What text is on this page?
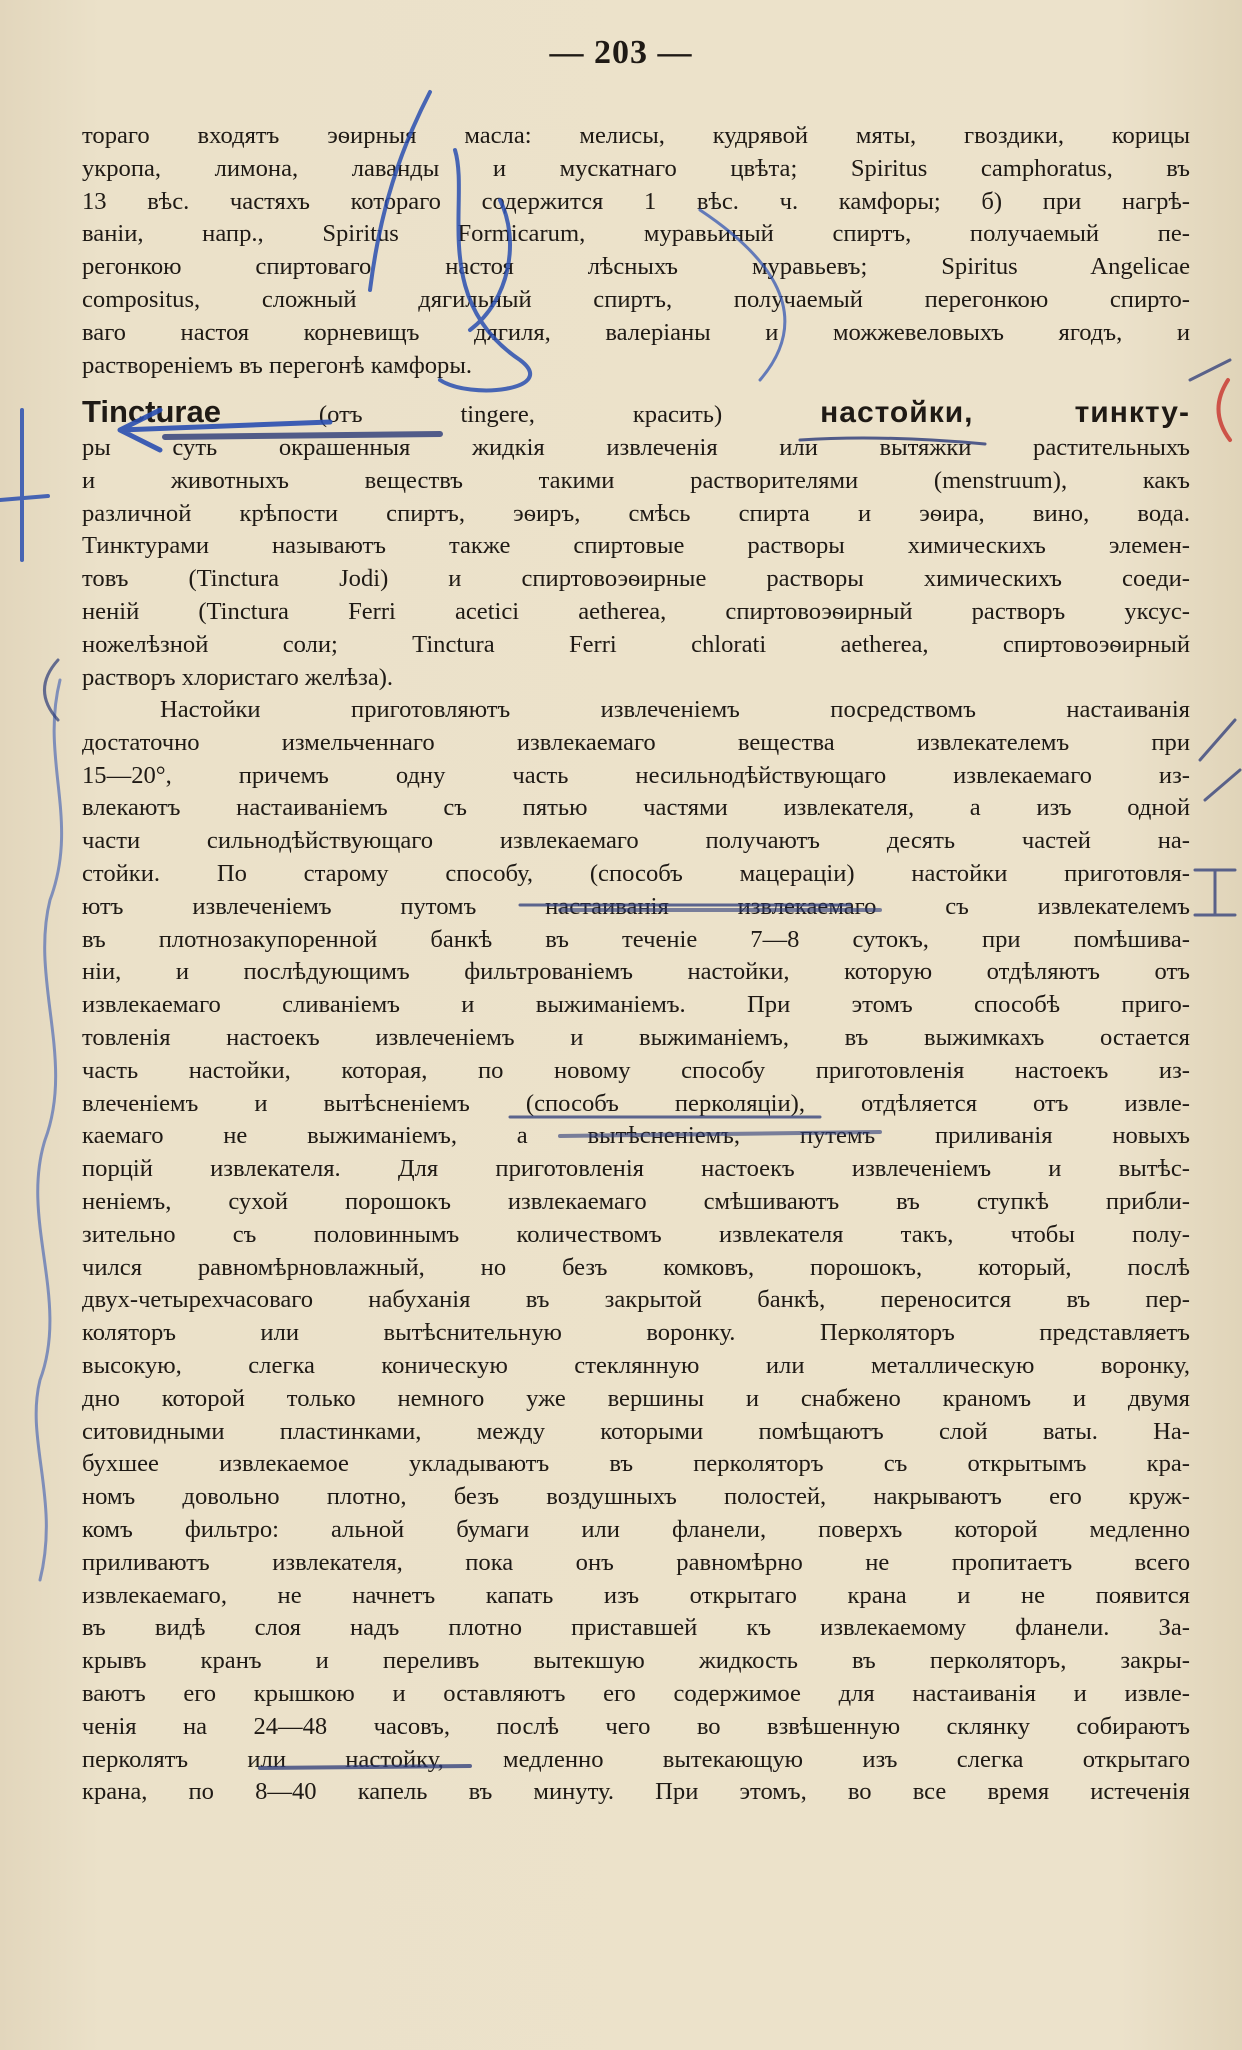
— 203 —
тораго входятъ эѳирныя масла: мелисы, кудрявой мяты, гвоздики, корицы
укропа, лимона, лаванды и мускатнаго цвѣта; Spiritus camphoratus, въ
13 вѣс. частяхъ котораго содержится 1 вѣс. ч. камфоры; б) при нагрѣ-
ваніи, напр., Spiritus Formicarum, муравьиный спиртъ, получаемый пе-
регонкою спиртоваго настоя лѣсныхъ муравьевъ; Spiritus Angelicae
compositus, сложный дягильный спиртъ, получаемый перегонкою спирто-
ваго настоя корневищъ дягиля, валеріаны и можжевеловыхъ ягодъ, и
раствореніемъ въ перегонѣ камфоры.
Tincturae (отъ tingere, красить) настойки, тинкту-
ры суть окрашенныя жидкія извлеченія или вытяжки растительныхъ
и животныхъ веществъ такими растворителями (menstruum), какъ
различной крѣпости спиртъ, эѳиръ, смѣсь спирта и эѳира, вино, вода.
Тинктурами называютъ также спиртовые растворы химическихъ элемен-
товъ (Tinctura Jodi) и спиртовоэѳирные растворы химическихъ соеди-
неній (Tinctura Ferri acetici aetherea, спиртовоэѳирный растворъ уксус-
ножелѣзной соли; Tinctura Ferri chlorati aetherea, спиртовоэѳирный
растворъ хлористаго желѣза).
Настойки приготовляютъ извлеченіемъ посредствомъ настаиванія
достаточно измельченнаго извлекаемаго вещества извлекателемъ при
15—20°, причемъ одну часть несильнодѣйствующаго извлекаемаго из-
влекаютъ настаиваніемъ съ пятью частями извлекателя, а изъ одной
части сильнодѣйствующаго извлекаемаго получаютъ десять частей на-
стойки. По старому способу, (способъ мацераціи) настойки приготовля-
ютъ извлеченіемъ путомъ настаиванія извлекаемаго съ извлекателемъ
въ плотнозакупоренной банкѣ въ теченіе 7—8 сутокъ, при помѣшива-
ніи, и послѣдующимъ фильтрованіемъ настойки, которую отдѣляютъ отъ
извлекаемаго сливаніемъ и выжиманіемъ. При этомъ способѣ приго-
товленія настоекъ извлеченіемъ и выжиманіемъ, въ выжимкахъ остается
часть настойки, которая, по новому способу приготовленія настоекъ из-
влеченіемъ и вытѣсненіемъ (способъ перколяціи), отдѣляется отъ извле-
каемаго не выжиманіемъ, а вытѣсненіемъ, путемъ приливанія новыхъ
порцій извлекателя. Для приготовленія настоекъ извлеченіемъ и вытѣс-
неніемъ, сухой порошокъ извлекаемаго смѣшиваютъ въ ступкѣ прибли-
зительно съ половиннымъ количествомъ извлекателя такъ, чтобы полу-
чился равномѣрновлажный, но безъ комковъ, порошокъ, который, послѣ
двух-четырехчасоваго набуханія въ закрытой банкѣ, переносится въ пер-
коляторъ или вытѣснительную воронку. Перколяторъ представляетъ
высокую, слегка коническую стеклянную или металлическую воронку,
дно которой только немного уже вершины и снабжено краномъ и двумя
ситовидными пластинками, между которыми помѣщаютъ слой ваты. На-
бухшее извлекаемое укладываютъ въ перколяторъ съ открытымъ кра-
номъ довольно плотно, безъ воздушныхъ полостей, накрываютъ его круж-
комъ фильтро: альной бумаги или фланели, поверхъ которой медленно
приливаютъ извлекателя, пока онъ равномѣрно не пропитаетъ всего
извлекаемаго, не начнетъ капать изъ открытаго крана и не появится
въ видѣ слоя надъ плотно приставшей къ извлекаемому фланели. За-
крывъ кранъ и переливъ вытекшую жидкость въ перколяторъ, закры-
ваютъ его крышкою и оставляютъ его содержимое для настаиванія и извле-
ченія на 24—48 часовъ, послѣ чего во взвѣшенную склянку собираютъ
перколятъ или настойку, медленно вытекающую изъ слегка открытаго
крана, по 8—40 капель въ минуту. При этомъ, во все время истеченія
